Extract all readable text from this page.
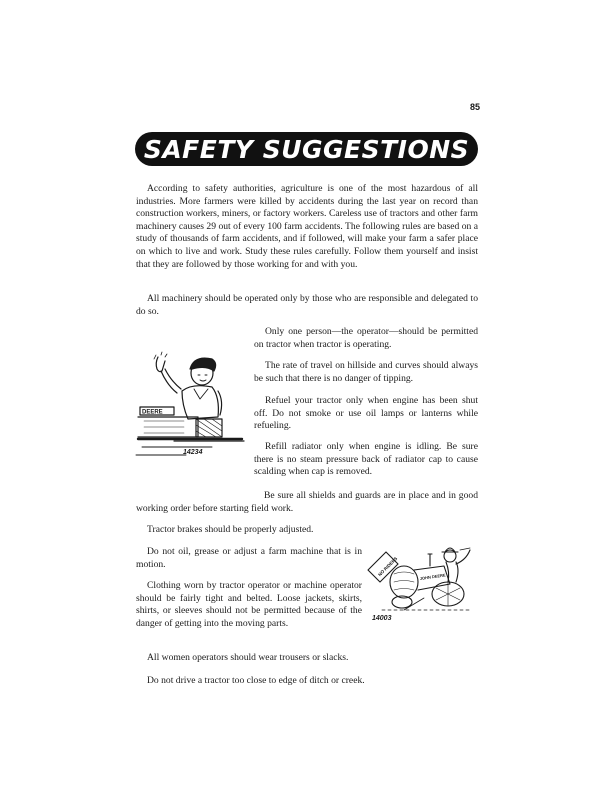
85
SAFETY SUGGESTIONS

According to safety authorities, agriculture is one of the most hazardous of all industries. More farmers were killed by accidents during the last year on record than construction workers, miners, or factory workers. Careless use of tractors and other farm machinery causes 29 out of every 100 farm accidents. The following rules are based on a study of thousands of farm accidents, and if followed, will make your farm a safer place on which to live and work. Study these rules carefully. Follow them yourself and insist that they are followed by those working for and with you.

All machinery should be operated only by those who are responsible and delegated to do so.

Only one person—the operator—should be permitted on tractor when tractor is operating.

The rate of travel on hillside and curves should always be such that there is no danger of tipping.

Refuel your tractor only when engine has been shut off. Do not smoke or use oil lamps or lanterns while refueling.

Refill radiator only when engine is idling. Be sure there is no steam pressure back of radiator cap to cause scalding when cap is removed.

DEERE
14234

Be sure all shields and guards are in place and in good working order before starting field work.

Tractor brakes should be properly adjusted.

Do not oil, grease or adjust a farm machine that is in motion.

Clothing worn by tractor operator or machine operator should be fairly tight and belted. Loose jackets, skirts, shirts, or sleeves should not be permitted because of the danger of getting into the moving parts.

NO RIDERS	JOHN DEERE
14003

All women operators should wear trousers or slacks.

Do not drive a tractor too close to edge of ditch or creek.
